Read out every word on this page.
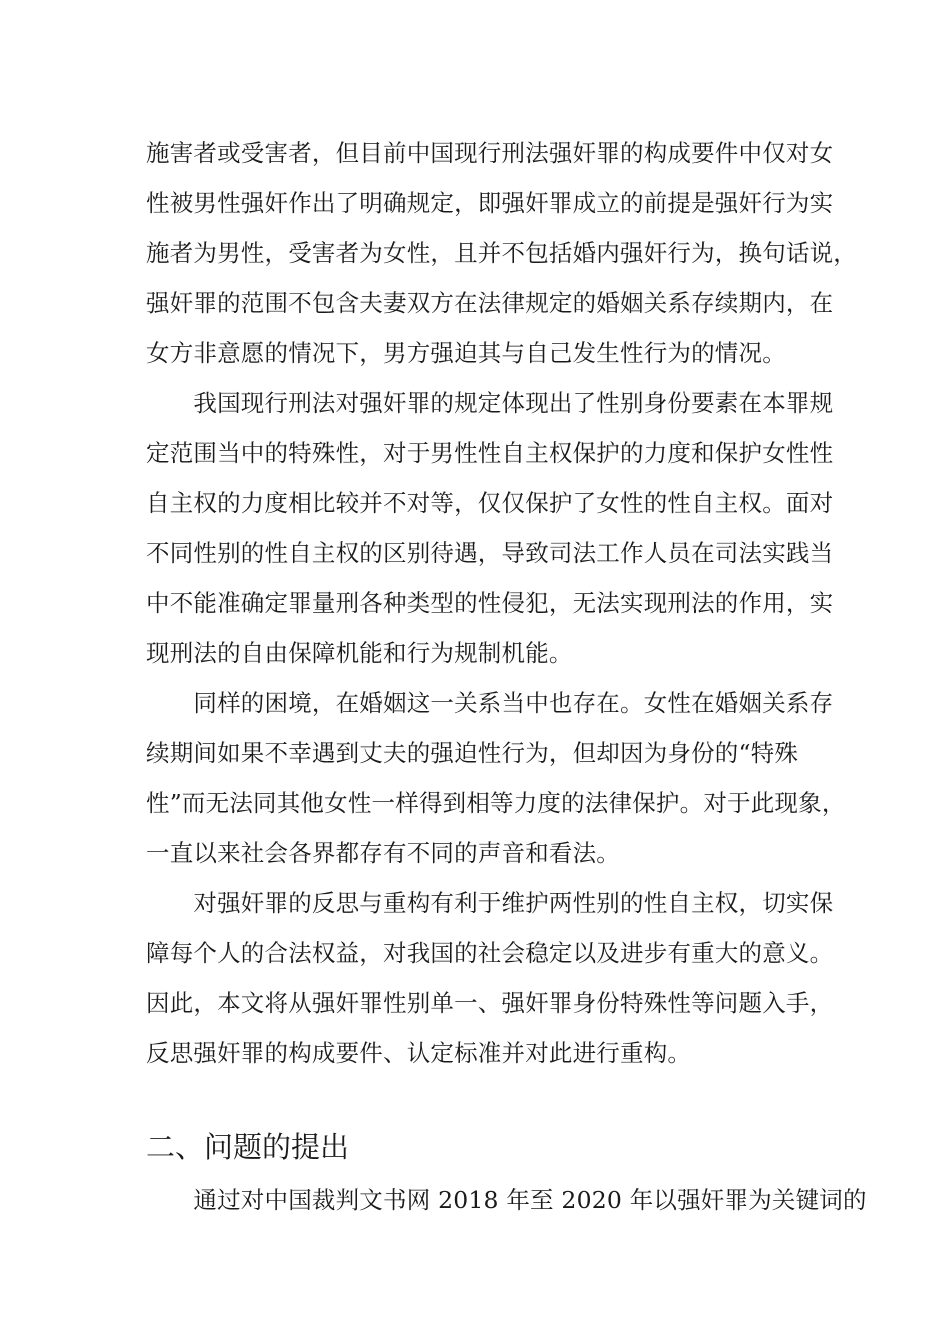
施害者或受害者，但目前中国现行刑法强奸罪的构成要件中仅对女
性被男性强奸作出了明确规定，即强奸罪成立的前提是强奸行为实
施者为男性，受害者为女性，且并不包括婚内强奸行为，换句话说，
强奸罪的范围不包含夫妻双方在法律规定的婚姻关系存续期内，在
女方非意愿的情况下，男方强迫其与自己发生性行为的情况。
　　我国现行刑法对强奸罪的规定体现出了性别身份要素在本罪规
定范围当中的特殊性，对于男性性自主权保护的力度和保护女性性
自主权的力度相比较并不对等，仅仅保护了女性的性自主权。面对
不同性别的性自主权的区别待遇，导致司法工作人员在司法实践当
中不能准确定罪量刑各种类型的性侵犯，无法实现刑法的作用，实
现刑法的自由保障机能和行为规制机能。
　　同样的困境，在婚姻这一关系当中也存在。女性在婚姻关系存
续期间如果不幸遇到丈夫的强迫性行为，但却因为身份的“特殊
性”而无法同其他女性一样得到相等力度的法律保护。对于此现象，
一直以来社会各界都存有不同的声音和看法。
　　对强奸罪的反思与重构有利于维护两性别的性自主权，切实保
障每个人的合法权益，对我国的社会稳定以及进步有重大的意义。
因此，本文将从强奸罪性别单一、强奸罪身份特殊性等问题入手，
反思强奸罪的构成要件、认定标准并对此进行重构。
二、问题的提出
　　通过对中国裁判文书网 2018 年至 2020 年以强奸罪为关键词的
